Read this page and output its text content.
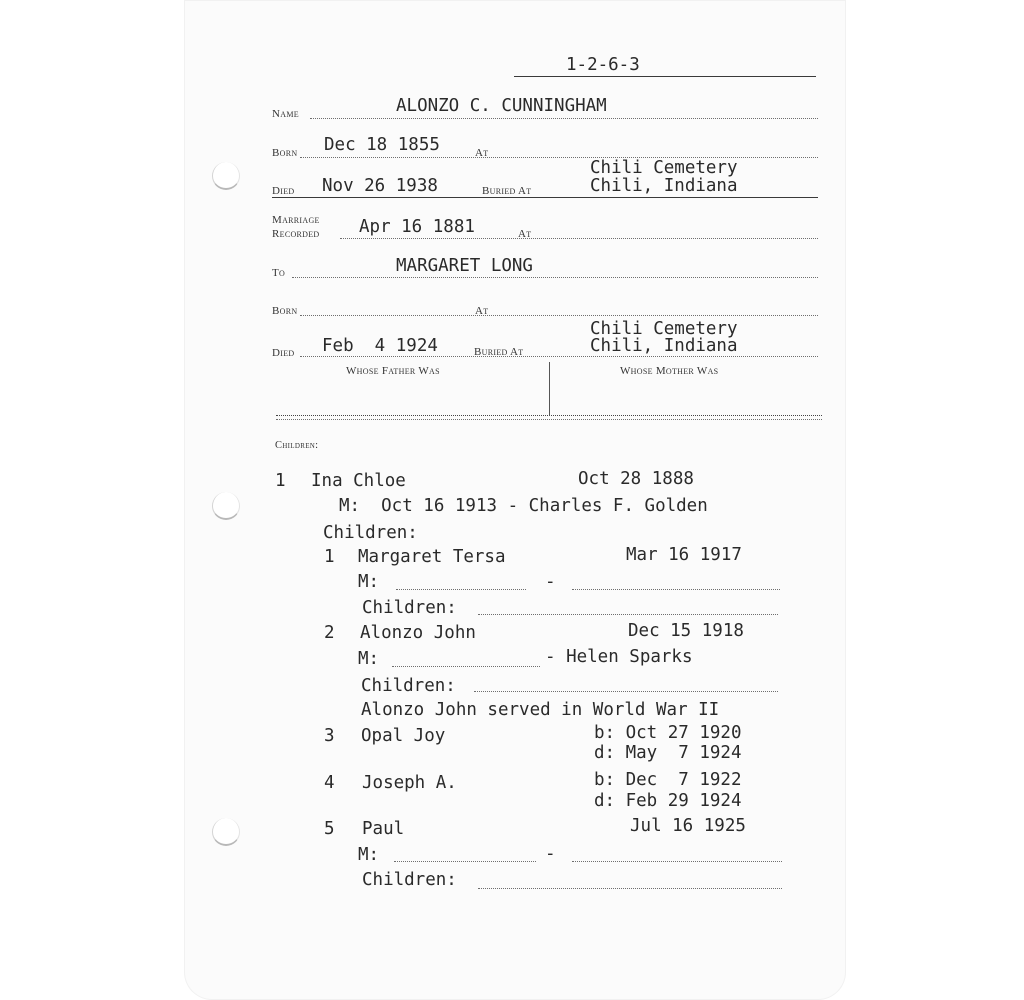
1-2-6-3
Name	ALONZO C. CUNNINGHAM
Born Dec 18 1855	At
Chili Cemetery
Died Nov 26 1938	Buried At	Chili, Indiana
Marriage
Recorded Apr 16 1881	At
To	MARGARET LONG
Born	At
Chili Cemetery
Died Feb  4 1924	Buried At	Chili, Indiana
Whose Father Was	Whose Mother Was
Children:
1 Ina Chloe	Oct 28 1888
M:  Oct 16 1913 - Charles F. Golden
Children:
1 Margaret Tersa	Mar 16 1917
M:	-
Children:
2 Alonzo John	Dec 15 1918
M:	- Helen Sparks
Children:
Alonzo John served in World War II
3 Opal Joy	b: Oct 27 1920
d: May  7 1924
4 Joseph A.	b: Dec  7 1922
d: Feb 29 1924
5 Paul	Jul 16 1925
M:	-
Children:
